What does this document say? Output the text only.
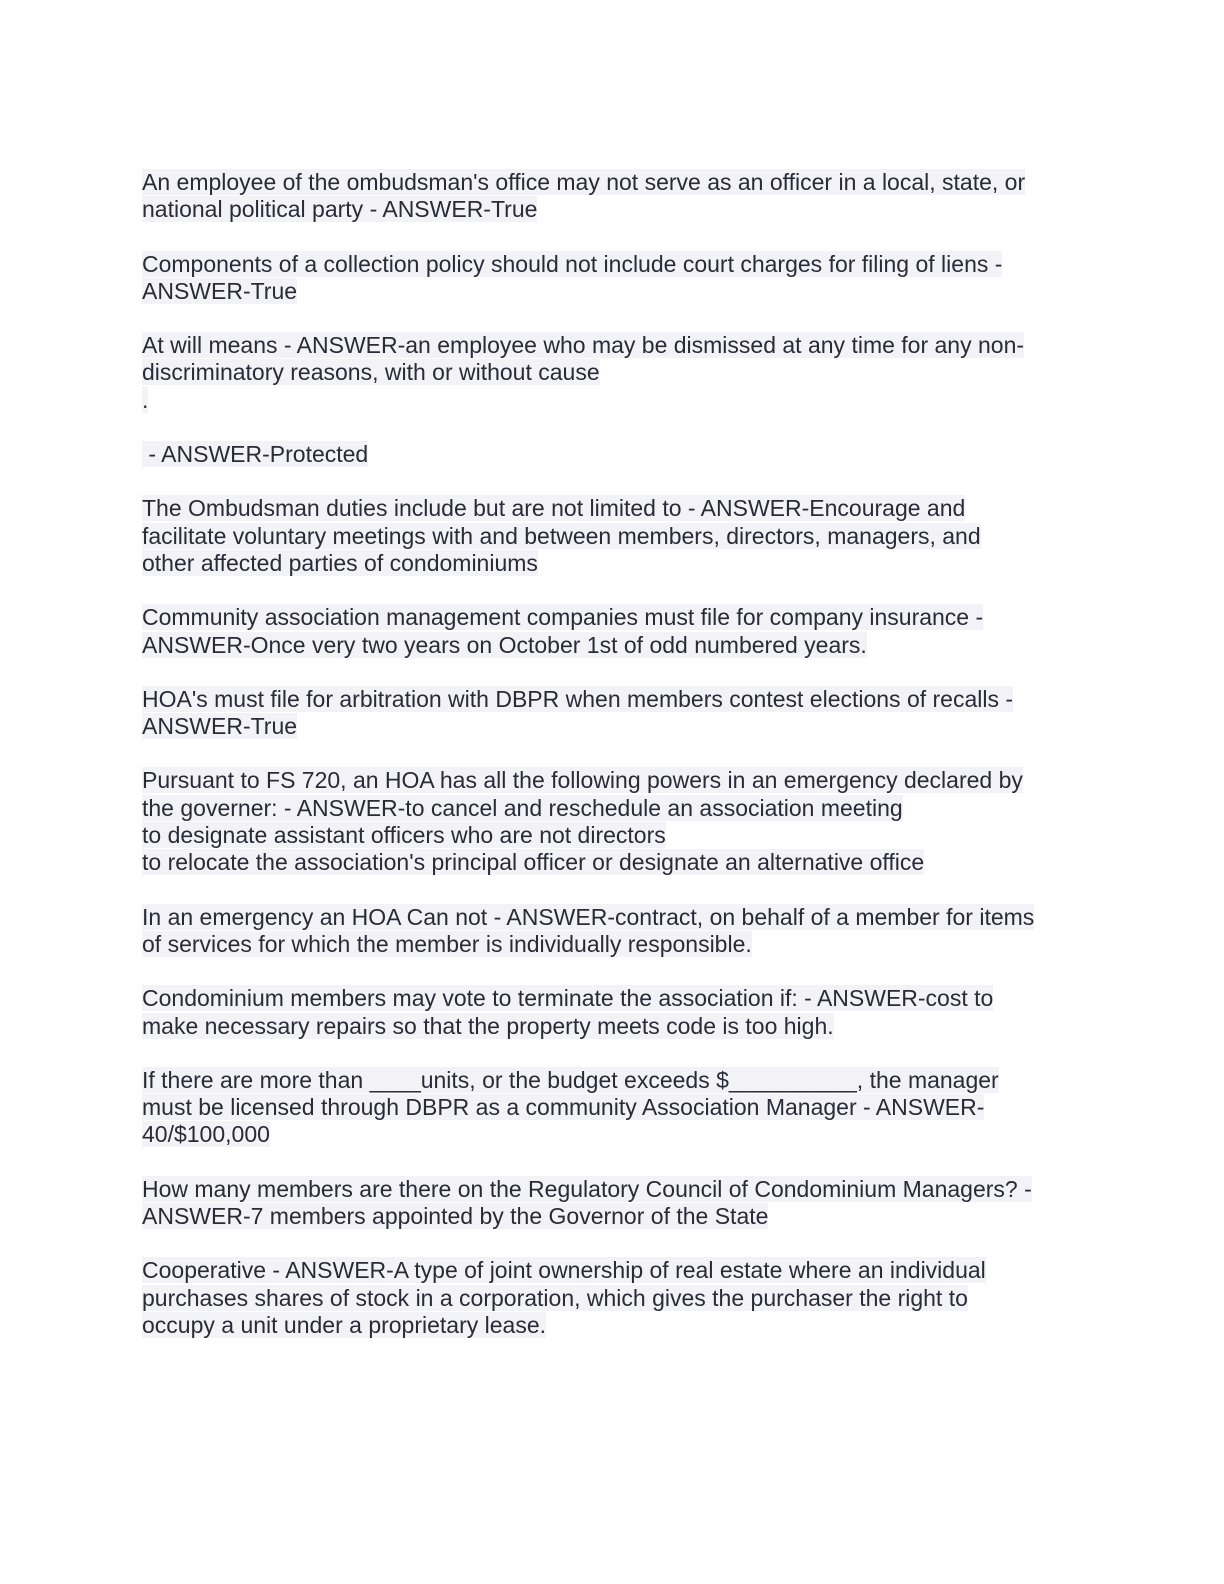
An employee of the ombudsman's office may not serve as an officer in a local, state, or
national political party - ANSWER-True
Components of a collection policy should not include court charges for filing of liens -
ANSWER-True
At will means - ANSWER-an employee who may be dismissed at any time for any non-
discriminatory reasons, with or without cause
.
- ANSWER-Protected
The Ombudsman duties include but are not limited to - ANSWER-Encourage and
facilitate voluntary meetings with and between members, directors, managers, and
other affected parties of condominiums
Community association management companies must file for company insurance -
ANSWER-Once very two years on October 1st of odd numbered years.
HOA's must file for arbitration with DBPR when members contest elections of recalls -
ANSWER-True
Pursuant to FS 720, an HOA has all the following powers in an emergency declared by
the governer: - ANSWER-to cancel and reschedule an association meeting
to designate assistant officers who are not directors
to relocate the association's principal officer or designate an alternative office
In an emergency an HOA Can not - ANSWER-contract, on behalf of a member for items
of services for which the member is individually responsible.
Condominium members may vote to terminate the association if: - ANSWER-cost to
make necessary repairs so that the property meets code is too high.
If there are more than ____units, or the budget exceeds $__________, the manager
must be licensed through DBPR as a community Association Manager - ANSWER-
40/$100,000
How many members are there on the Regulatory Council of Condominium Managers? -
ANSWER-7 members appointed by the Governor of the State
Cooperative - ANSWER-A type of joint ownership of real estate where an individual
purchases shares of stock in a corporation, which gives the purchaser the right to
occupy a unit under a proprietary lease.
